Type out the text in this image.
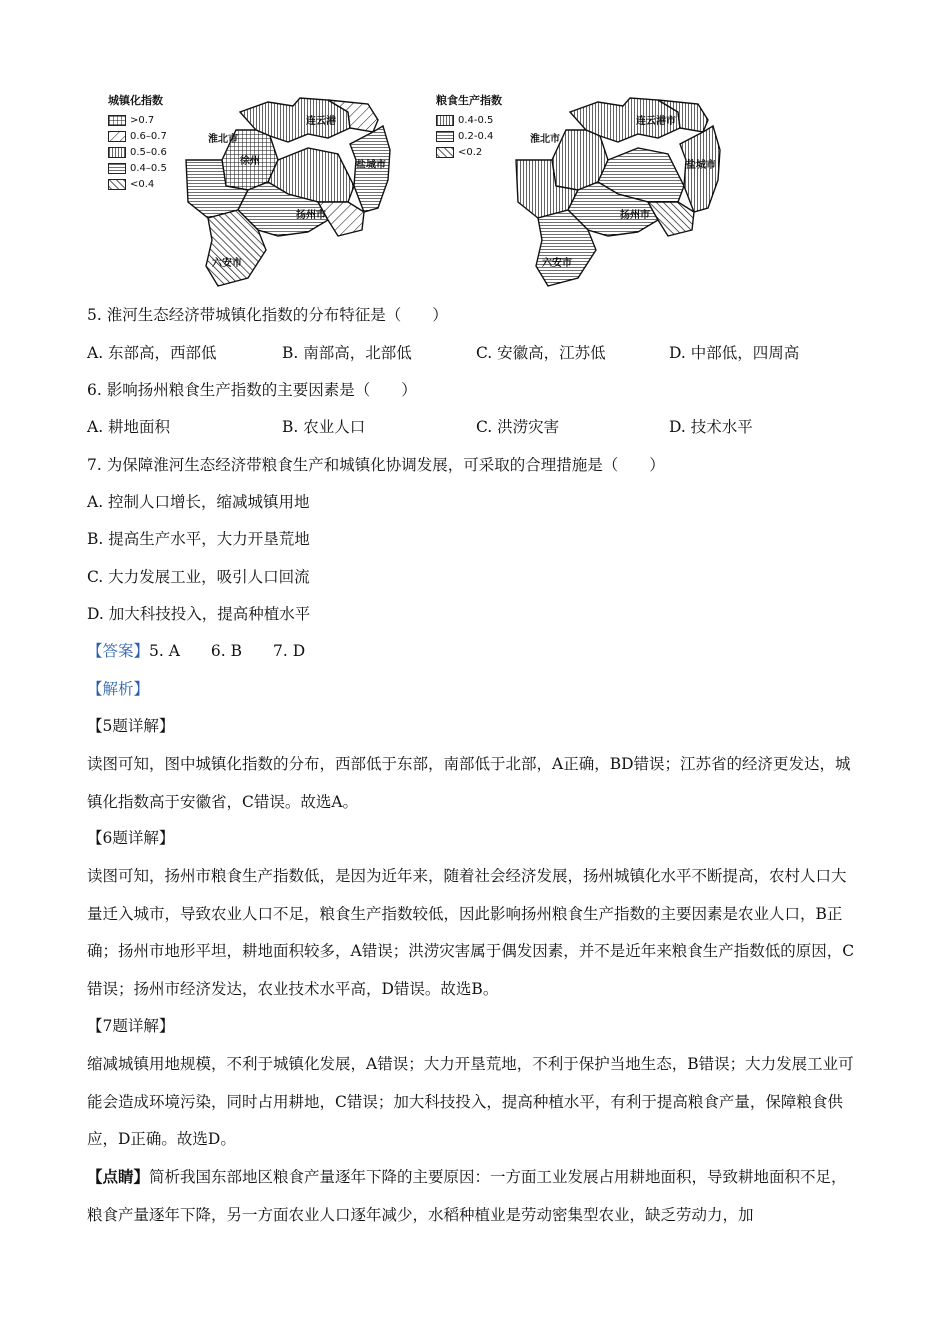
城镇化指数
>0.7
0.6–0.7
0.5–0.6
0.4–0.5
<0.4
淮北市
连云港
盐城市
徐州
扬州市
六安市
粮食生产指数
0.4-0.5
0.2-0.4
<0.2
淮北市
连云港市
盐城市
扬州市
六安市
5. 淮河生态经济带城镇化指数的分布特征是（　　）
A. 东部高，西部低	B. 南部高，北部低	C. 安徽高，江苏低	D. 中部低，四周高
6. 影响扬州粮食生产指数的主要因素是（　　）
A. 耕地面积	B. 农业人口	C. 洪涝灾害	D. 技术水平
7. 为保障淮河生态经济带粮食生产和城镇化协调发展，可采取的合理措施是（　　）
A. 控制人口增长，缩减城镇用地
B. 提高生产水平，大力开垦荒地
C. 大力发展工业，吸引人口回流
D. 加大科技投入，提高种植水平
【答案】5. A　　6. B　　7. D
【解析】
【5题详解】
读图可知，图中城镇化指数的分布，西部低于东部，南部低于北部，A正确，BD错误；江苏省的经济更发达，城镇化指数高于安徽省，C错误。故选A。
【6题详解】
读图可知，扬州市粮食生产指数低，是因为近年来，随着社会经济发展，扬州城镇化水平不断提高，农村人口大量迁入城市，导致农业人口不足，粮食生产指数较低，因此影响扬州粮食生产指数的主要因素是农业人口，B正确；扬州市地形平坦，耕地面积较多，A错误；洪涝灾害属于偶发因素，并不是近年来粮食生产指数低的原因，C错误；扬州市经济发达，农业技术水平高，D错误。故选B。
【7题详解】
缩减城镇用地规模，不利于城镇化发展，A错误；大力开垦荒地，不利于保护当地生态，B错误；大力发展工业可能会造成环境污染，同时占用耕地，C错误；加大科技投入，提高种植水平，有利于提高粮食产量，保障粮食供应，D正确。故选D。
【点睛】简析我国东部地区粮食产量逐年下降的主要原因：一方面工业发展占用耕地面积，导致耕地面积不足，粮食产量逐年下降，另一方面农业人口逐年减少，水稻种植业是劳动密集型农业，缺乏劳动力，加
